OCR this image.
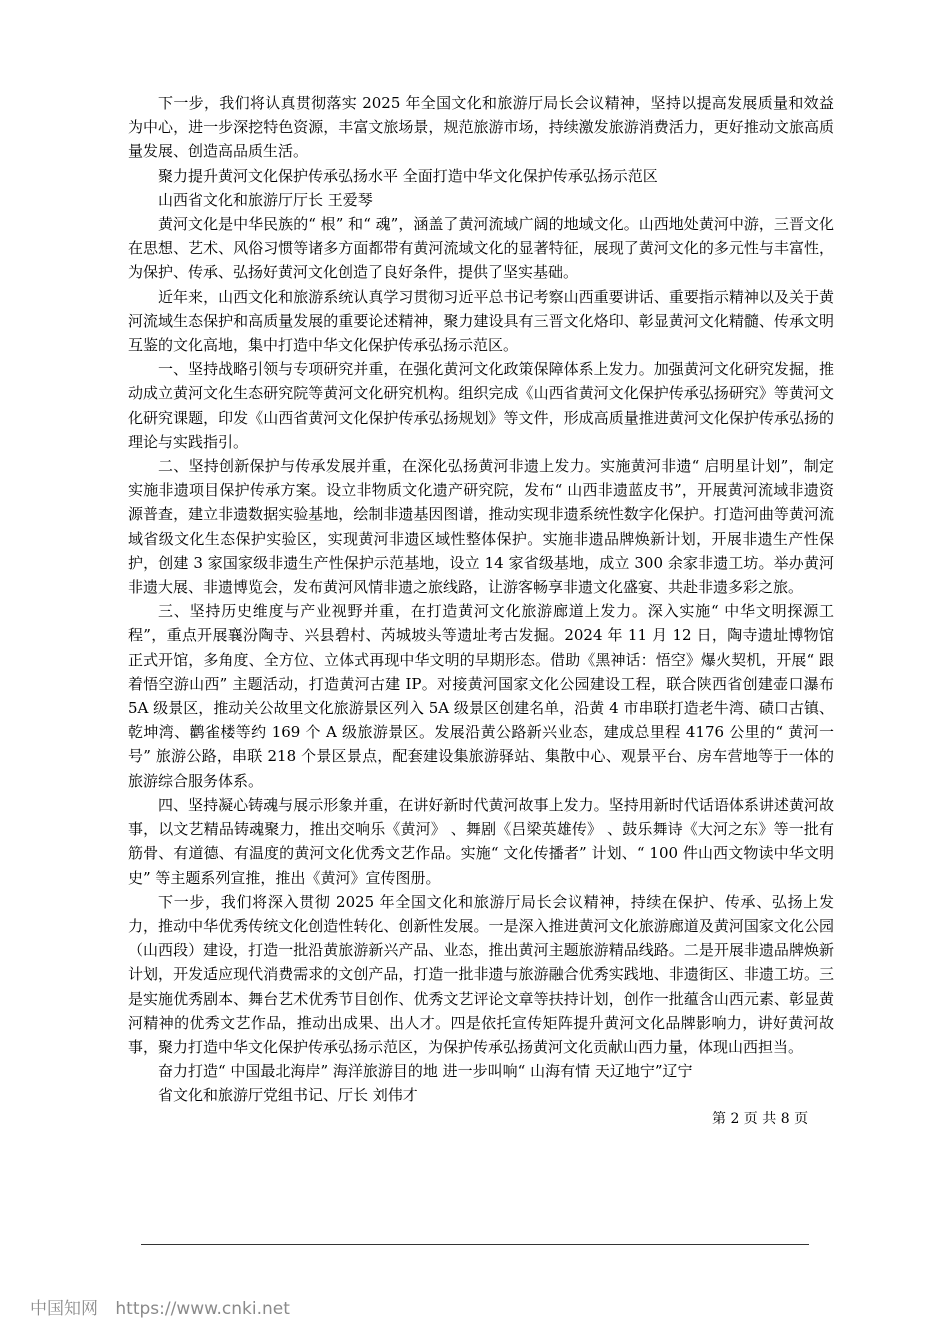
下一步，我们将认真贯彻落实 2025 年全国文化和旅游厅局长会议精神，坚持以提高发展质量和效益为中心，进一步深挖特色资源，丰富文旅场景，规范旅游市场，持续激发旅游消费活力，更好推动文旅高质量发展、创造高品质生活。

聚力提升黄河文化保护传承弘扬水平 全面打造中华文化保护传承弘扬示范区

山西省文化和旅游厅厅长 王爱琴

黄河文化是中华民族的“ 根” 和“ 魂”，涵盖了黄河流域广阔的地域文化。山西地处黄河中游，三晋文化在思想、艺术、风俗习惯等诸多方面都带有黄河流域文化的显著特征，展现了黄河文化的多元性与丰富性，为保护、传承、弘扬好黄河文化创造了良好条件，提供了坚实基础。

近年来，山西文化和旅游系统认真学习贯彻习近平总书记考察山西重要讲话、重要指示精神以及关于黄河流域生态保护和高质量发展的重要论述精神，聚力建设具有三晋文化烙印、彰显黄河文化精髓、传承文明互鉴的文化高地，集中打造中华文化保护传承弘扬示范区。

一、坚持战略引领与专项研究并重，在强化黄河文化政策保障体系上发力。加强黄河文化研究发掘，推动成立黄河文化生态研究院等黄河文化研究机构。组织完成《山西省黄河文化保护传承弘扬研究》等黄河文化研究课题，印发《山西省黄河文化保护传承弘扬规划》等文件，形成高质量推进黄河文化保护传承弘扬的理论与实践指引。

二、坚持创新保护与传承发展并重，在深化弘扬黄河非遗上发力。实施黄河非遗“ 启明星计划”，制定实施非遗项目保护传承方案。设立非物质文化遗产研究院，发布“ 山西非遗蓝皮书”，开展黄河流域非遗资源普查，建立非遗数据实验基地，绘制非遗基因图谱，推动实现非遗系统性数字化保护。打造河曲等黄河流域省级文化生态保护实验区，实现黄河非遗区域性整体保护。实施非遗品牌焕新计划，开展非遗生产性保护，创建 3 家国家级非遗生产性保护示范基地，设立 14 家省级基地，成立 300 余家非遗工坊。举办黄河非遗大展、非遗博览会，发布黄河风情非遗之旅线路，让游客畅享非遗文化盛宴、共赴非遗多彩之旅。

三、坚持历史维度与产业视野并重，在打造黄河文化旅游廊道上发力。深入实施“ 中华文明探源工程”，重点开展襄汾陶寺、兴县碧村、芮城坡头等遗址考古发掘。2024 年 11 月 12 日，陶寺遗址博物馆正式开馆，多角度、全方位、立体式再现中华文明的早期形态。借助《黑神话：悟空》爆火契机，开展“ 跟着悟空游山西” 主题活动，打造黄河古建 IP。对接黄河国家文化公园建设工程，联合陕西省创建壶口瀑布 5A 级景区，推动关公故里文化旅游景区列入 5A 级景区创建名单，沿黄 4 市串联打造老牛湾、碛口古镇、乾坤湾、鹳雀楼等约 169 个 A 级旅游景区。发展沿黄公路新兴业态，建成总里程 4176 公里的“ 黄河一号” 旅游公路，串联 218 个景区景点，配套建设集旅游驿站、集散中心、观景平台、房车营地等于一体的旅游综合服务体系。

四、坚持凝心铸魂与展示形象并重，在讲好新时代黄河故事上发力。坚持用新时代话语体系讲述黄河故事，以文艺精品铸魂聚力，推出交响乐《黄河》 、舞剧《吕梁英雄传》 、鼓乐舞诗《大河之东》等一批有筋骨、有道德、有温度的黄河文化优秀文艺作品。实施“ 文化传播者” 计划、“ 100 件山西文物读中华文明史” 等主题系列宣推，推出《黄河》宣传图册。

下一步，我们将深入贯彻 2025 年全国文化和旅游厅局长会议精神，持续在保护、传承、弘扬上发力，推动中华优秀传统文化创造性转化、创新性发展。一是深入推进黄河文化旅游廊道及黄河国家文化公园（山西段）建设，打造一批沿黄旅游新兴产品、业态，推出黄河主题旅游精品线路。二是开展非遗品牌焕新计划，开发适应现代消费需求的文创产品，打造一批非遗与旅游融合优秀实践地、非遗街区、非遗工坊。三是实施优秀剧本、舞台艺术优秀节目创作、优秀文艺评论文章等扶持计划，创作一批蕴含山西元素、彰显黄河精神的优秀文艺作品，推动出成果、出人才。四是依托宣传矩阵提升黄河文化品牌影响力，讲好黄河故事，聚力打造中华文化保护传承弘扬示范区，为保护传承弘扬黄河文化贡献山西力量，体现山西担当。

奋力打造“ 中国最北海岸” 海洋旅游目的地 进一步叫响“ 山海有情 天辽地宁”辽宁

省文化和旅游厅党组书记、厅长 刘伟才

第 2 页 共 8 页
中国知网 https://www.cnki.net
